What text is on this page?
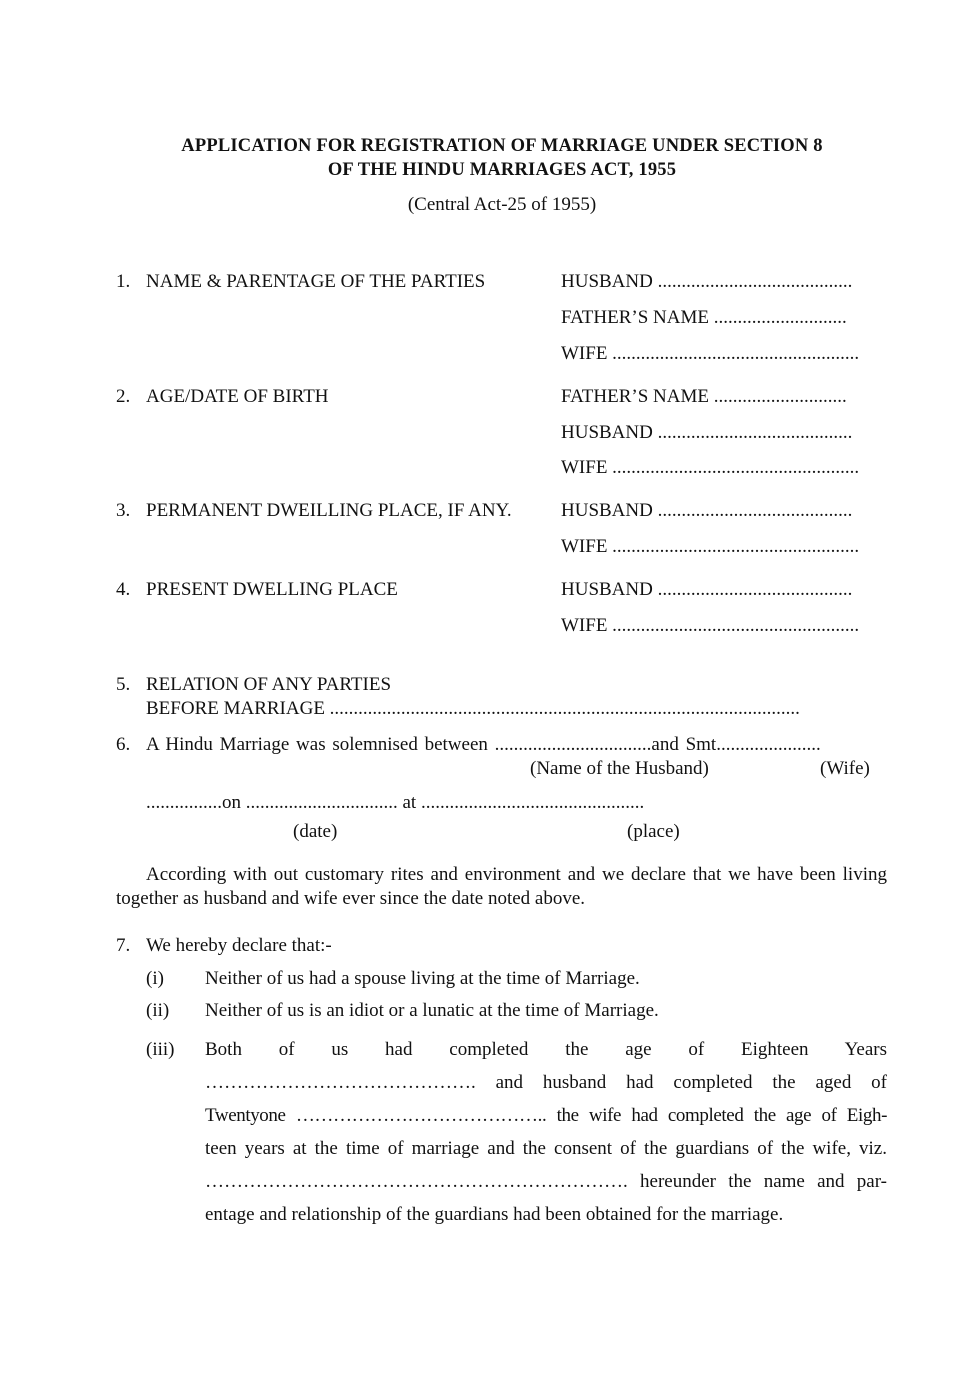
APPLICATION FOR REGISTRATION OF MARRIAGE UNDER SECTION 8
OF THE HINDU MARRIAGES ACT, 1955
(Central Act-25 of 1955)
1. NAME & PARENTAGE OF THE PARTIES	HUSBAND .........................................
FATHER’S NAME ............................
WIFE ....................................................
2. AGE/DATE OF BIRTH	FATHER’S NAME ............................
HUSBAND .........................................
WIFE ....................................................
3. PERMANENT DWEILLING PLACE, IF ANY.	HUSBAND .........................................
WIFE ....................................................
4. PRESENT DWELLING PLACE	HUSBAND .........................................
WIFE ....................................................
5. RELATION OF ANY PARTIES
BEFORE MARRIAGE ...................................................................................................
6. A Hindu Marriage was solemnised between .................................and Smt......................
(Name of the Husband)	(Wife)
................on ................................ at ...............................................
(date)	(place)
According with out customary rites and environment and we declare that we have been living together as husband and wife ever since the date noted above.
7. We hereby declare that:-
(i) Neither of us had a spouse living at the time of Marriage.
(ii) Neither of us is an idiot or a lunatic at the time of Marriage.
(iii) Both of us had completed the age of Eighteen Years
……………………………………. and husband had completed the aged of
Twentyone ………………………………….. the wife had completed the age of Eigh-
teen years at the time of marriage and the consent of the guardians of the wife, viz.
…………………………………………………………. hereunder the name and par-
entage and relationship of the guardians had been obtained for the marriage.
